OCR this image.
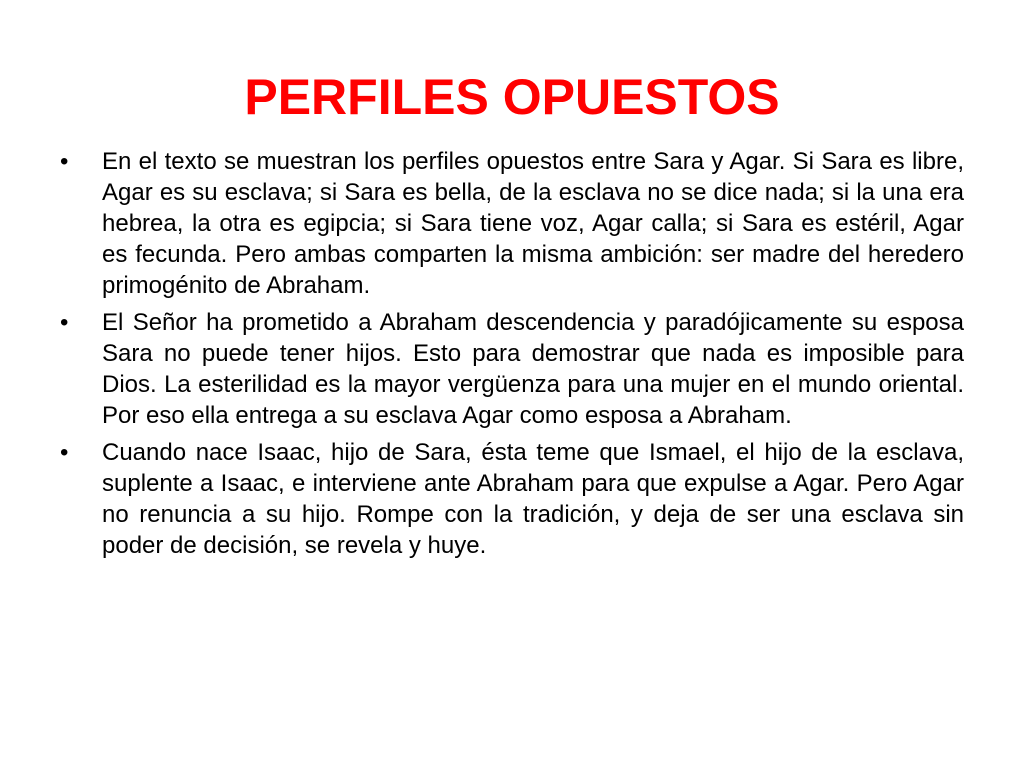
PERFILES OPUESTOS
•	En el texto se muestran los perfiles opuestos entre Sara y Agar. Si Sara es libre, Agar es su esclava; si Sara es bella, de la esclava no se dice nada; si la una era hebrea, la otra es egipcia; si Sara tiene voz, Agar calla; si Sara es estéril, Agar es fecunda. Pero ambas comparten la misma ambición: ser madre del heredero primogénito de Abraham.
•	El Señor ha prometido a Abraham descendencia y paradójicamente su esposa Sara no puede tener hijos. Esto para demostrar que nada es imposible para Dios. La esterilidad es la mayor vergüenza para una mujer en el mundo oriental. Por eso ella entrega a su esclava Agar como esposa a Abraham.
•	Cuando nace Isaac, hijo de Sara, ésta teme que Ismael, el hijo de la esclava, suplente a Isaac, e interviene ante Abraham para que expulse a Agar. Pero Agar no renuncia a su hijo. Rompe con la tradición, y deja de ser una esclava sin poder de decisión, se revela y huye.
